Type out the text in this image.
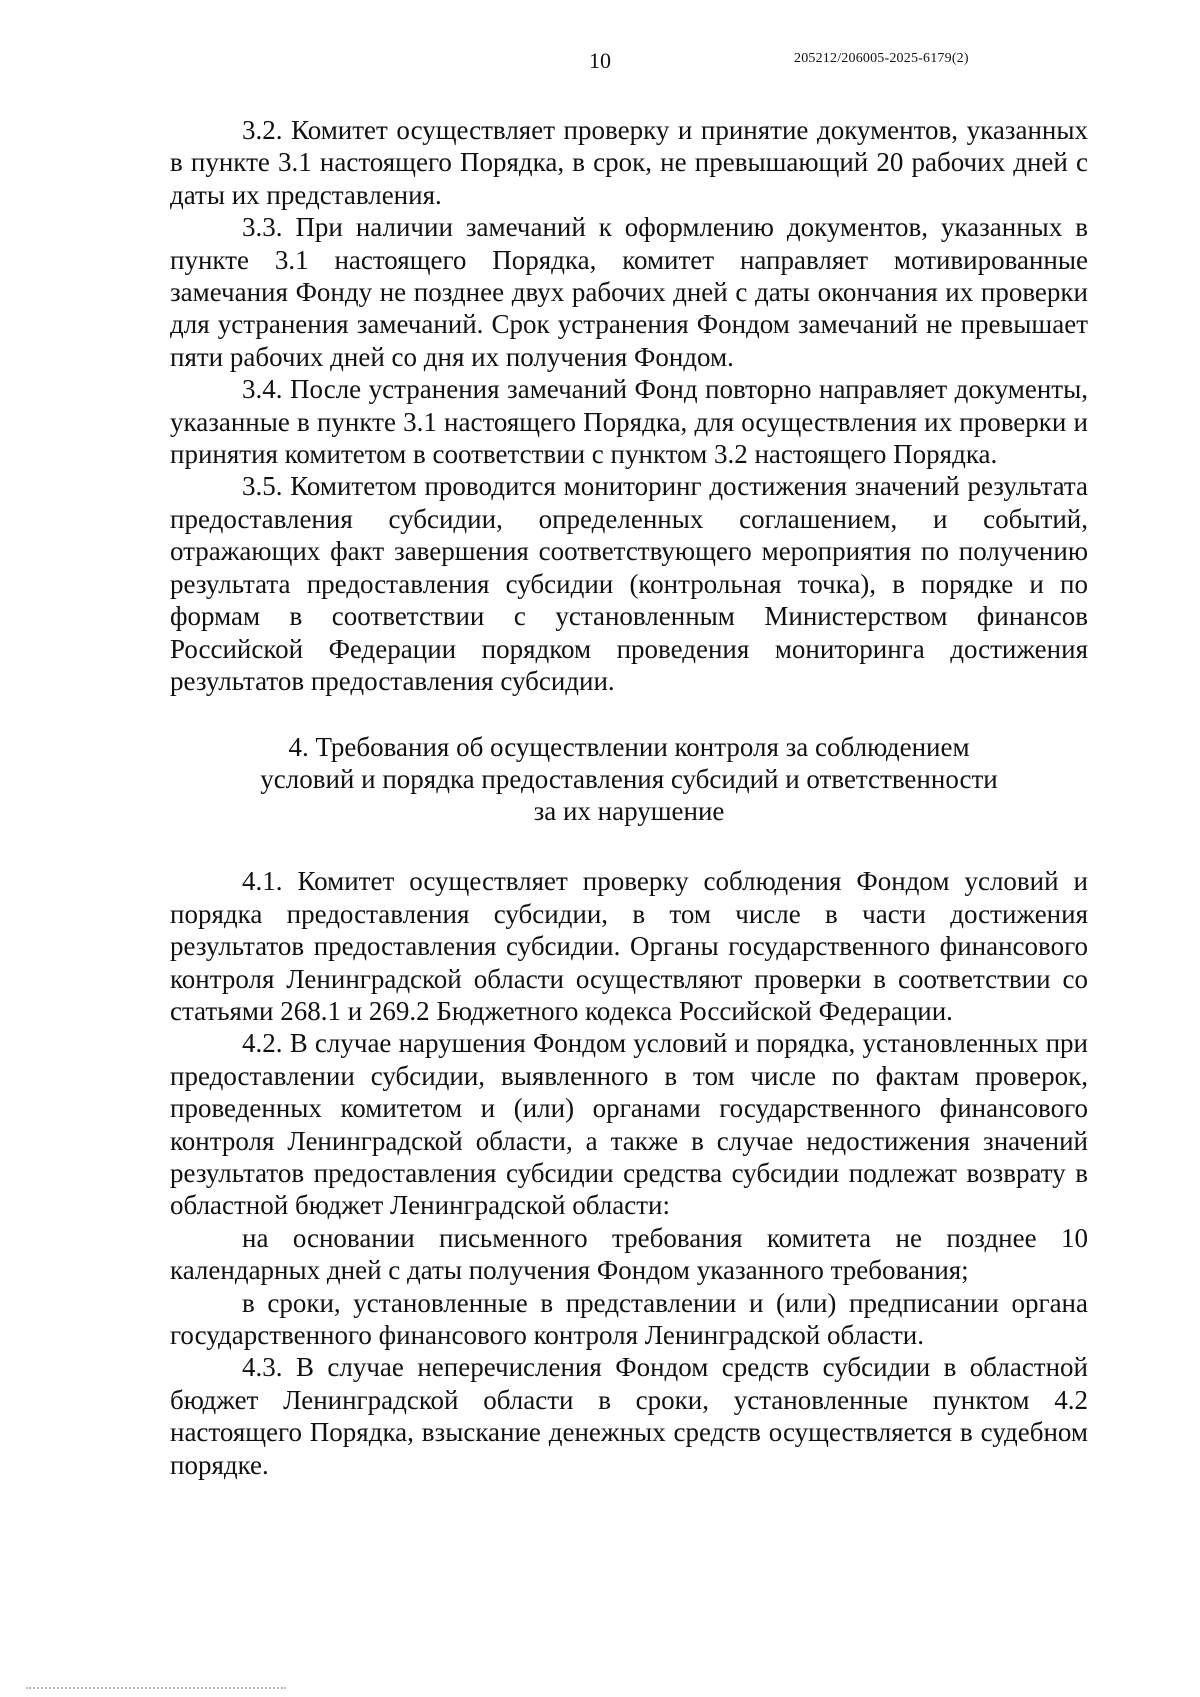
10	205212/206005-2025-6179(2)

3.2. Комитет осуществляет проверку и принятие документов, указанных в пункте 3.1 настоящего Порядка, в срок, не превышающий 20 рабочих дней с даты их представления.

3.3. При наличии замечаний к оформлению документов, указанных в пункте 3.1 настоящего Порядка, комитет направляет мотивированные замечания Фонду не позднее двух рабочих дней с даты окончания их проверки для устранения замечаний. Срок устранения Фондом замечаний не превышает пяти рабочих дней со дня их получения Фондом.

3.4. После устранения замечаний Фонд повторно направляет документы, указанные в пункте 3.1 настоящего Порядка, для осуществления их проверки и принятия комитетом в соответствии с пунктом 3.2 настоящего Порядка.

3.5. Комитетом проводится мониторинг достижения значений результата предоставления субсидии, определенных соглашением, и событий, отражающих факт завершения соответствующего мероприятия по получению результата предоставления субсидии (контрольная точка), в порядке и по формам в соответствии с установленным Министерством финансов Российской Федерации порядком проведения мониторинга достижения результатов предоставления субсидии.

4. Требования об осуществлении контроля за соблюдением
условий и порядка предоставления субсидий и ответственности
за их нарушение

4.1. Комитет осуществляет проверку соблюдения Фондом условий и порядка предоставления субсидии, в том числе в части достижения результатов предоставления субсидии. Органы государственного финансового контроля Ленинградской области осуществляют проверки в соответствии со статьями 268.1 и 269.2 Бюджетного кодекса Российской Федерации.

4.2. В случае нарушения Фондом условий и порядка, установленных при предоставлении субсидии, выявленного в том числе по фактам проверок, проведенных комитетом и (или) органами государственного финансового контроля Ленинградской области, а также в случае недостижения значений результатов предоставления субсидии средства субсидии подлежат возврату в областной бюджет Ленинградской области:

на основании письменного требования комитета не позднее 10 календарных дней с даты получения Фондом указанного требования;

в сроки, установленные в представлении и (или) предписании органа государственного финансового контроля Ленинградской области.

4.3. В случае неперечисления Фондом средств субсидии в областной бюджет Ленинградской области в сроки, установленные пунктом 4.2 настоящего Порядка, взыскание денежных средств осуществляется в судебном порядке.
